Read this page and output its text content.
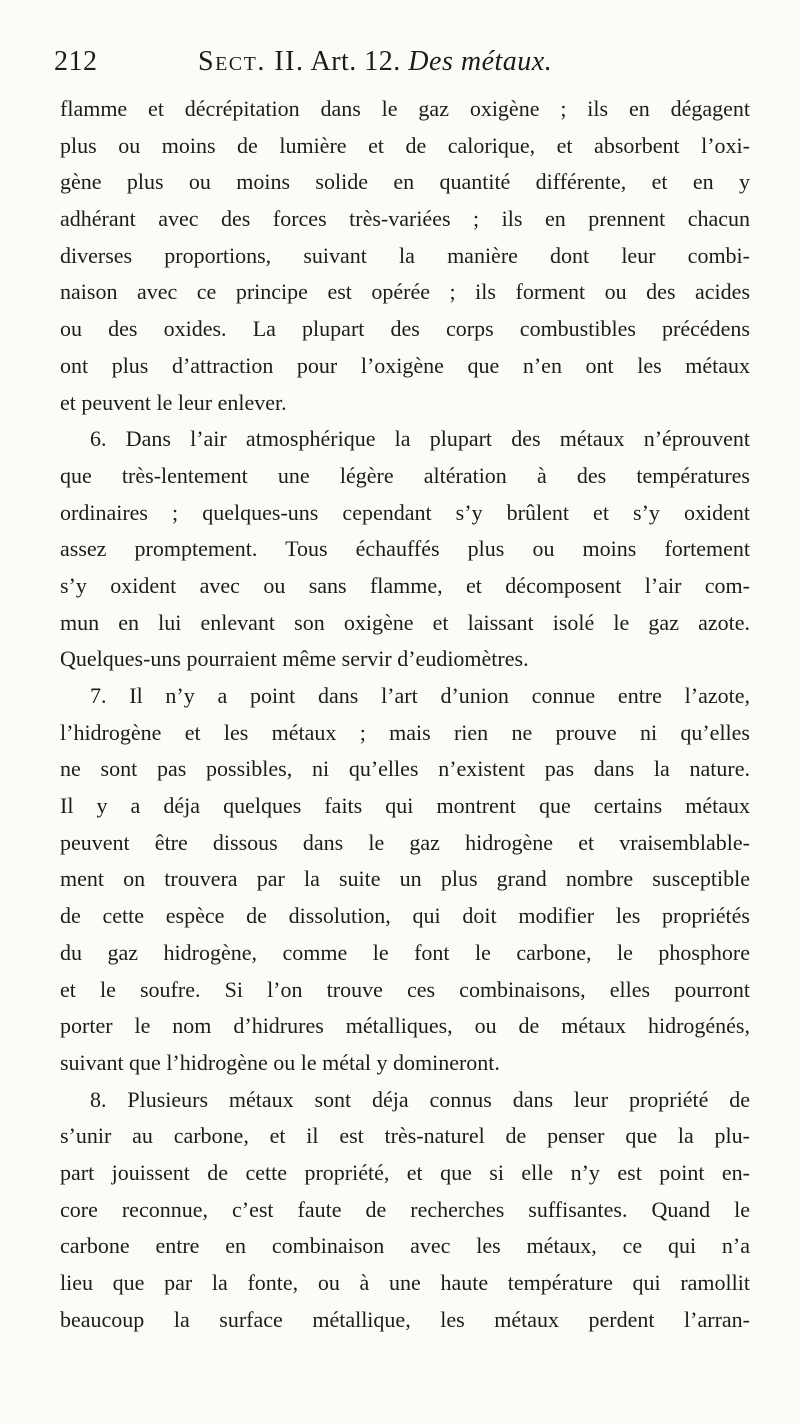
212	Sect. II. Art. 12. Des métaux.
flamme et décrépitation dans le gaz oxigène ; ils en dégagent
plus ou moins de lumière et de calorique, et absorbent l’oxi-
gène plus ou moins solide en quantité différente, et en y
adhérant avec des forces très-variées ; ils en prennent chacun
diverses proportions, suivant la manière dont leur combi-
naison avec ce principe est opérée ; ils forment ou des acides
ou des oxides. La plupart des corps combustibles précédens
ont plus d’attraction pour l’oxigène que n’en ont les métaux
et peuvent le leur enlever.
6. Dans l’air atmosphérique la plupart des métaux n’éprouvent
que très-lentement une légère altération à des températures
ordinaires ; quelques-uns cependant s’y brûlent et s’y oxident
assez promptement. Tous échauffés plus ou moins fortement
s’y oxident avec ou sans flamme, et décomposent l’air com-
mun en lui enlevant son oxigène et laissant isolé le gaz azote.
Quelques-uns pourraient même servir d’eudiomètres.
7. Il n’y a point dans l’art d’union connue entre l’azote,
l’hidrogène et les métaux ; mais rien ne prouve ni qu’elles
ne sont pas possibles, ni qu’elles n’existent pas dans la nature.
Il y a déja quelques faits qui montrent que certains métaux
peuvent être dissous dans le gaz hidrogène et vraisemblable-
ment on trouvera par la suite un plus grand nombre susceptible
de cette espèce de dissolution, qui doit modifier les propriétés
du gaz hidrogène, comme le font le carbone, le phosphore
et le soufre. Si l’on trouve ces combinaisons, elles pourront
porter le nom d’hidrures métalliques, ou de métaux hidrogénés,
suivant que l’hidrogène ou le métal y domineront.
8. Plusieurs métaux sont déja connus dans leur propriété de
s’unir au carbone, et il est très-naturel de penser que la plu-
part jouissent de cette propriété, et que si elle n’y est point en-
core reconnue, c’est faute de recherches suffisantes. Quand le
carbone entre en combinaison avec les métaux, ce qui n’a
lieu que par la fonte, ou à une haute température qui ramollit
beaucoup la surface métallique, les métaux perdent l’arran-
